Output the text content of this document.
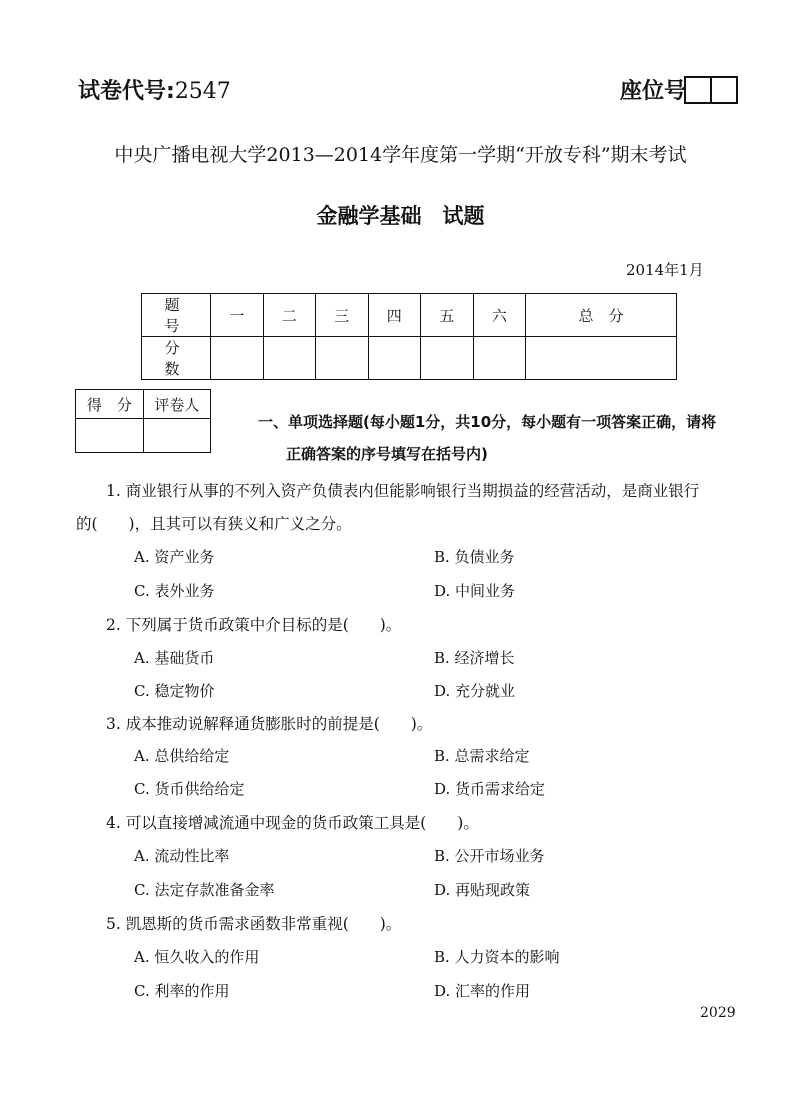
试卷代号:2547	座位号
中央广播电视大学2013—2014学年度第一学期“开放专科”期末考试
金融学基础　试题
2014年1月
题　号	一	二	三	四	五	六	总　分
分　数							
得　分	评卷人

一、单项选择题(每小题1分，共10分，每小题有一项答案正确，请将
正确答案的序号填写在括号内)
1. 商业银行从事的不列入资产负债表内但能影响银行当期损益的经营活动，是商业银行
的(　　)，且其可以有狭义和广义之分。
A. 资产业务	B. 负债业务
C. 表外业务	D. 中间业务
2. 下列属于货币政策中介目标的是(　　)。
A. 基础货币	B. 经济增长
C. 稳定物价	D. 充分就业
3. 成本推动说解释通货膨胀时的前提是(　　)。
A. 总供给给定	B. 总需求给定
C. 货币供给给定	D. 货币需求给定
4. 可以直接增减流通中现金的货币政策工具是(　　)。
A. 流动性比率	B. 公开市场业务
C. 法定存款准备金率	D. 再贴现政策
5. 凯恩斯的货币需求函数非常重视(　　)。
A. 恒久收入的作用	B. 人力资本的影响
C. 利率的作用	D. 汇率的作用
2029
